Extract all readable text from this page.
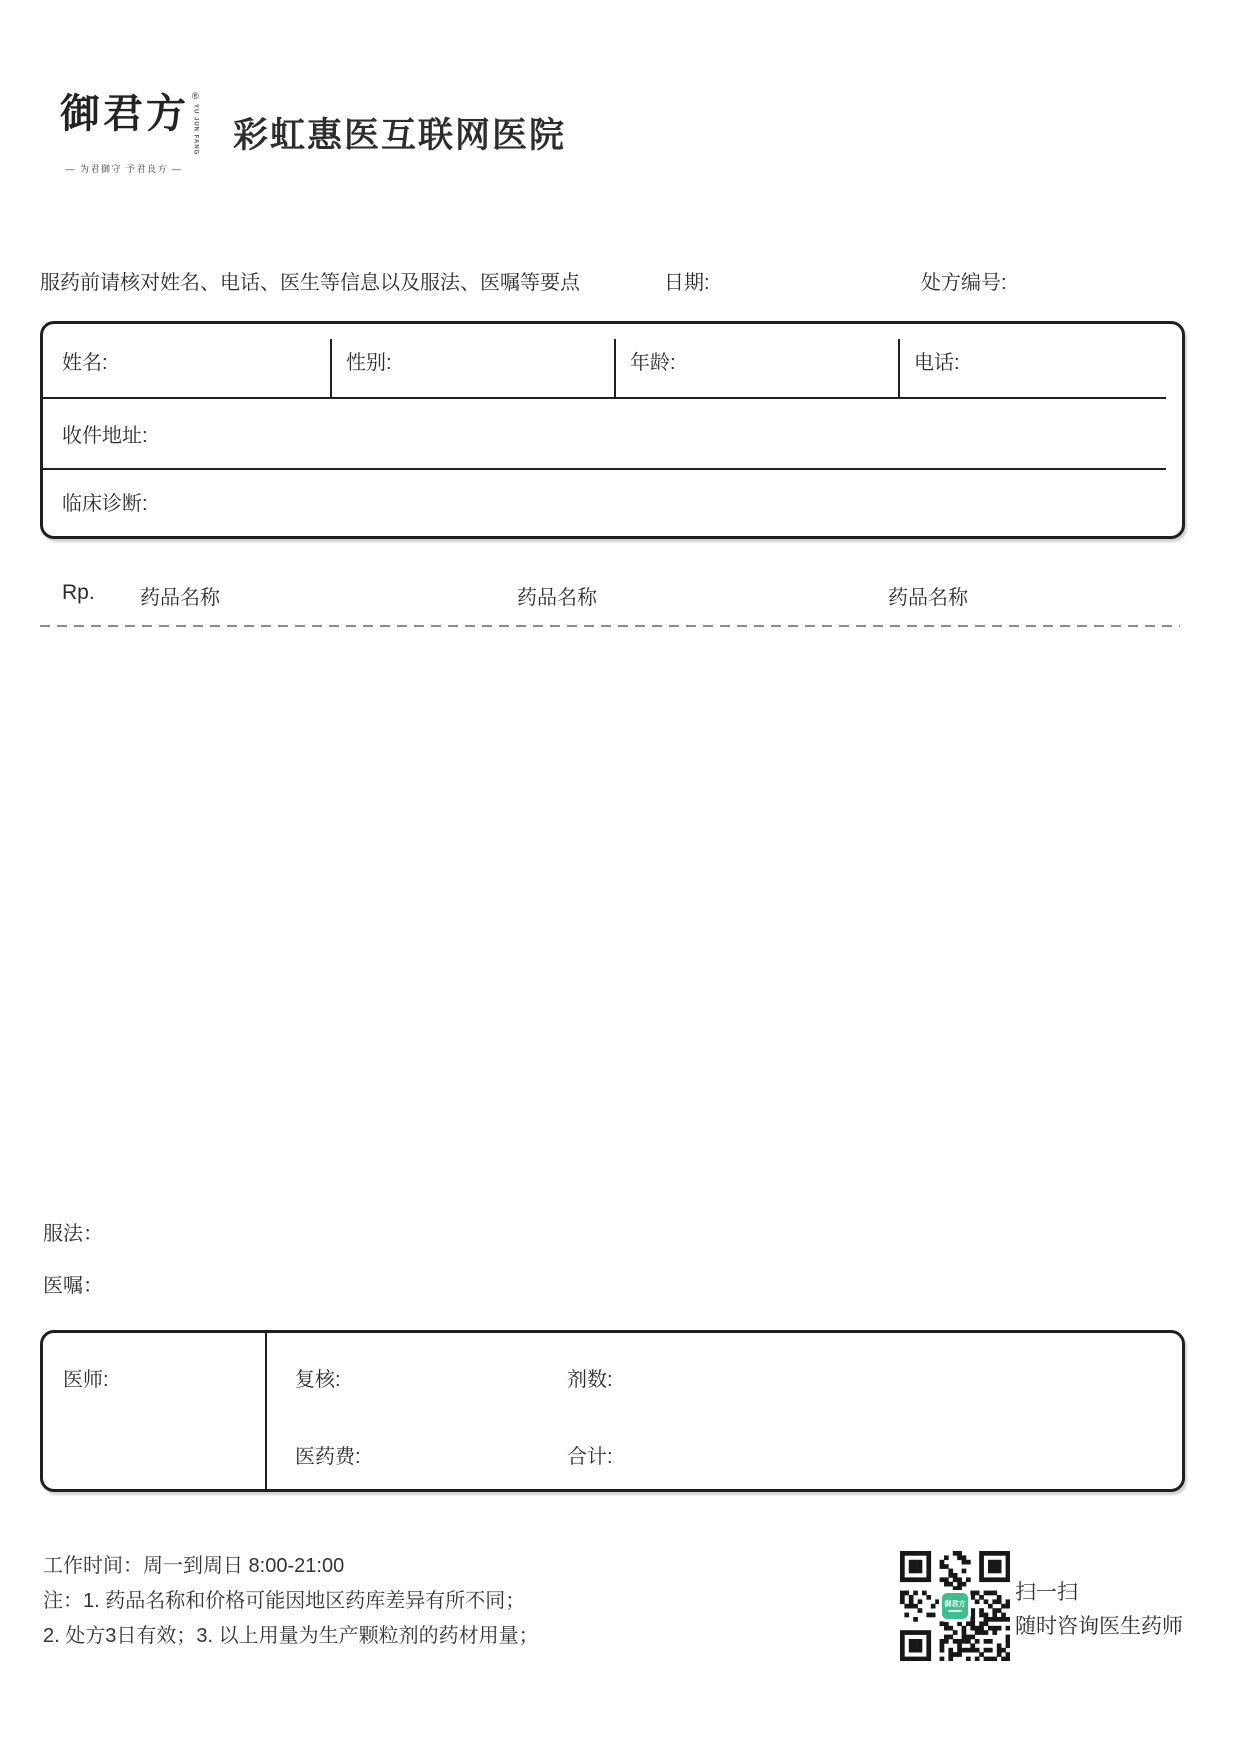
御君方 ®
YU JUN FANG
— 为君御守 予君良方 —
彩虹惠医互联网医院
服药前请核对姓名、电话、医生等信息以及服法、医嘱等要点	日期:	处方编号:
姓名:	性别:	年龄:	电话:
收件地址:
临床诊断:
Rp. 药品名称	药品名称	药品名称
服法：
医嘱：
医师:	复核:	剂数:
医药费:	合计:
工作时间：周一到周日 8:00-21:00
注：1. 药品名称和价格可能因地区药库差异有所不同；
2. 处方3日有效；3. 以上用量为生产颗粒剂的药材用量；
御君方 扫一扫
随时咨询医生药师
